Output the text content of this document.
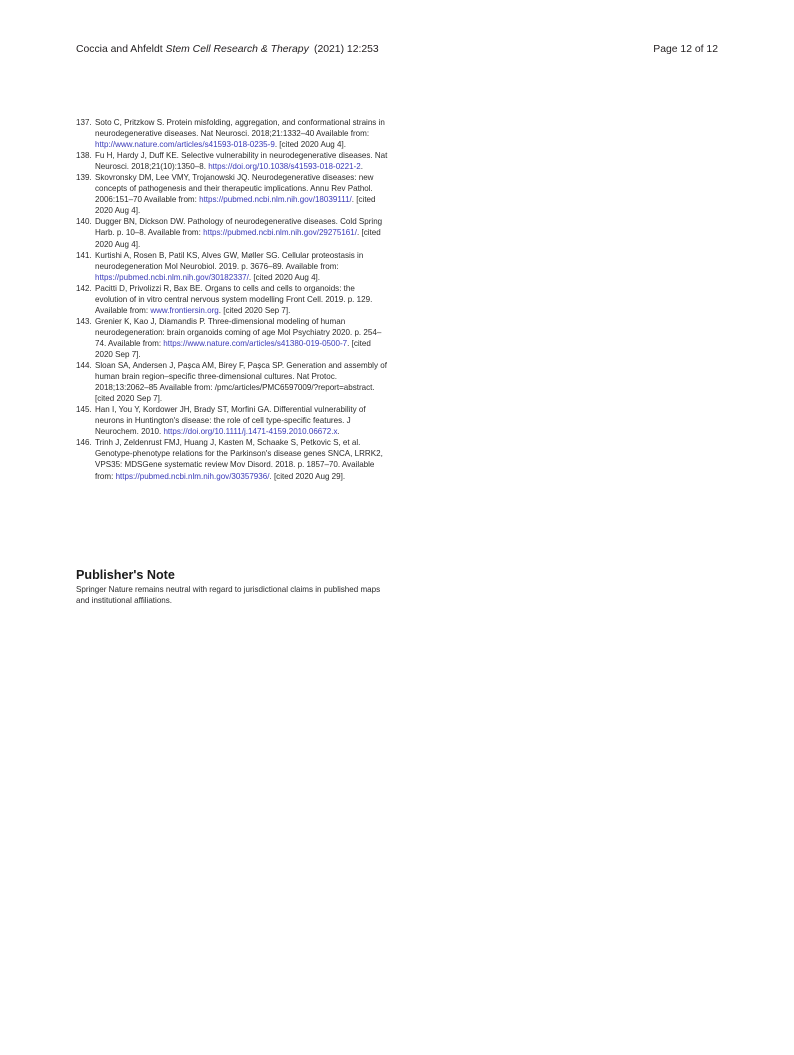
Coccia and Ahfeldt Stem Cell Research & Therapy (2021) 12:253	Page 12 of 12

137. Soto C, Pritzkow S. Protein misfolding, aggregation, and conformational strains in neurodegenerative diseases. Nat Neurosci. 2018;21:1332–40 Available from: http://www.nature.com/articles/s41593-018-0235-9. [cited 2020 Aug 4].

138. Fu H, Hardy J, Duff KE. Selective vulnerability in neurodegenerative diseases. Nat Neurosci. 2018;21(10):1350–8. https://doi.org/10.1038/s41593-018-0221-2.

139. Skovronsky DM, Lee VMY, Trojanowski JQ. Neurodegenerative diseases: new concepts of pathogenesis and their therapeutic implications. Annu Rev Pathol. 2006:151–70 Available from: https://pubmed.ncbi.nlm.nih.gov/18039111/. [cited 2020 Aug 4].

140. Dugger BN, Dickson DW. Pathology of neurodegenerative diseases. Cold Spring Harb. p. 10–8. Available from: https://pubmed.ncbi.nlm.nih.gov/29275161/. [cited 2020 Aug 4].

141. Kurtishi A, Rosen B, Patil KS, Alves GW, Møller SG. Cellular proteostasis in neurodegeneration Mol Neurobiol. 2019. p. 3676–89. Available from: https://pubmed.ncbi.nlm.nih.gov/30182337/. [cited 2020 Aug 4].

142. Pacitti D, Privolizzi R, Bax BE. Organs to cells and cells to organoids: the evolution of in vitro central nervous system modelling Front Cell. 2019. p. 129. Available from: www.frontiersin.org. [cited 2020 Sep 7].

143. Grenier K, Kao J, Diamandis P. Three-dimensional modeling of human neurodegeneration: brain organoids coming of age Mol Psychiatry 2020. p. 254–74. Available from: https://www.nature.com/articles/s41380-019-0500-7. [cited 2020 Sep 7].

144. Sloan SA, Andersen J, Pașca AM, Birey F, Pașca SP. Generation and assembly of human brain region–specific three-dimensional cultures. Nat Protoc. 2018;13:2062–85 Available from: /pmc/articles/PMC6597009/?report=abstract. [cited 2020 Sep 7].

145. Han I, You Y, Kordower JH, Brady ST, Morfini GA. Differential vulnerability of neurons in Huntington's disease: the role of cell type-specific features. J Neurochem. 2010. https://doi.org/10.1111/j.1471-4159.2010.06672.x.

146. Trinh J, Zeldenrust FMJ, Huang J, Kasten M, Schaake S, Petkovic S, et al. Genotype-phenotype relations for the Parkinson's disease genes SNCA, LRRK2, VPS35: MDSGene systematic review Mov Disord. 2018. p. 1857–70. Available from: https://pubmed.ncbi.nlm.nih.gov/30357936/. [cited 2020 Aug 29].

Publisher's Note

Springer Nature remains neutral with regard to jurisdictional claims in published maps and institutional affiliations.
